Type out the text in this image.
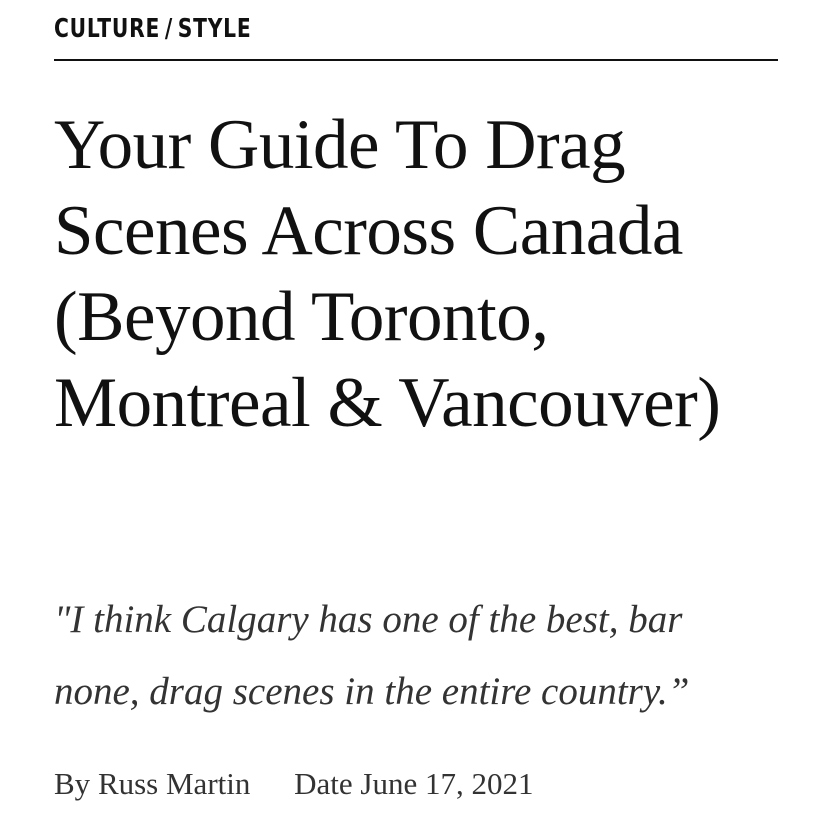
CULTURE / STYLE
Your Guide To Drag Scenes Across Canada (Beyond Toronto, Montreal & Vancouver)

"I think Calgary has one of the best, bar none, drag scenes in the entire country.”

By Russ Martin Date June 17, 2021
